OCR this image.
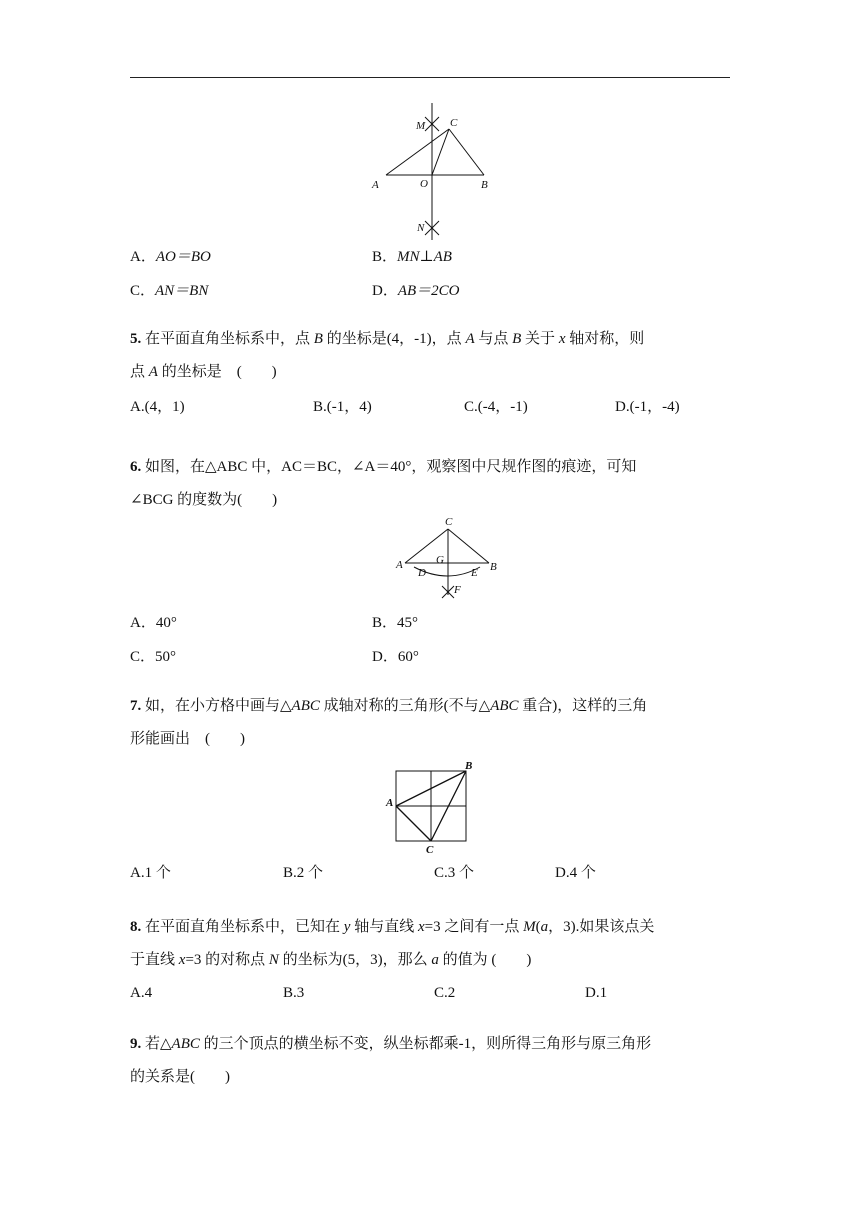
M C
A	O	B
N
A．AO＝BO	B．MN⊥AB
C．AN＝BN	D．AB＝2CO
5. 在平面直角坐标系中，点 B 的坐标是(4，-1)，点 A 与点 B 关于 x 轴对称，则
点 A 的坐标是　(　　)
A.(4，1)	B.(-1，4)	C.(-4，-1)	D.(-1，-4)
6. 如图，在△ABC 中，AC＝BC，∠A＝40°，观察图中尺规作图的痕迹，可知
∠BCG 的度数为(　　)
C
G
A
D	E B
F
A．40°	B．45°
C．50°	D．60°
7. 如，在小方格中画与△ABC 成轴对称的三角形(不与△ABC 重合)，这样的三角
形能画出　(　　)
B
A
C
A.1 个	B.2 个	C.3 个	D.4 个
8. 在平面直角坐标系中，已知在 y 轴与直线 x=3 之间有一点 M(a，3).如果该点关
于直线 x=3 的对称点 N 的坐标为(5，3)，那么 a 的值为 (　　)
A.4	B.3	C.2	D.1
9. 若△ABC 的三个顶点的横坐标不变，纵坐标都乘-1，则所得三角形与原三角形
的关系是(　　)
